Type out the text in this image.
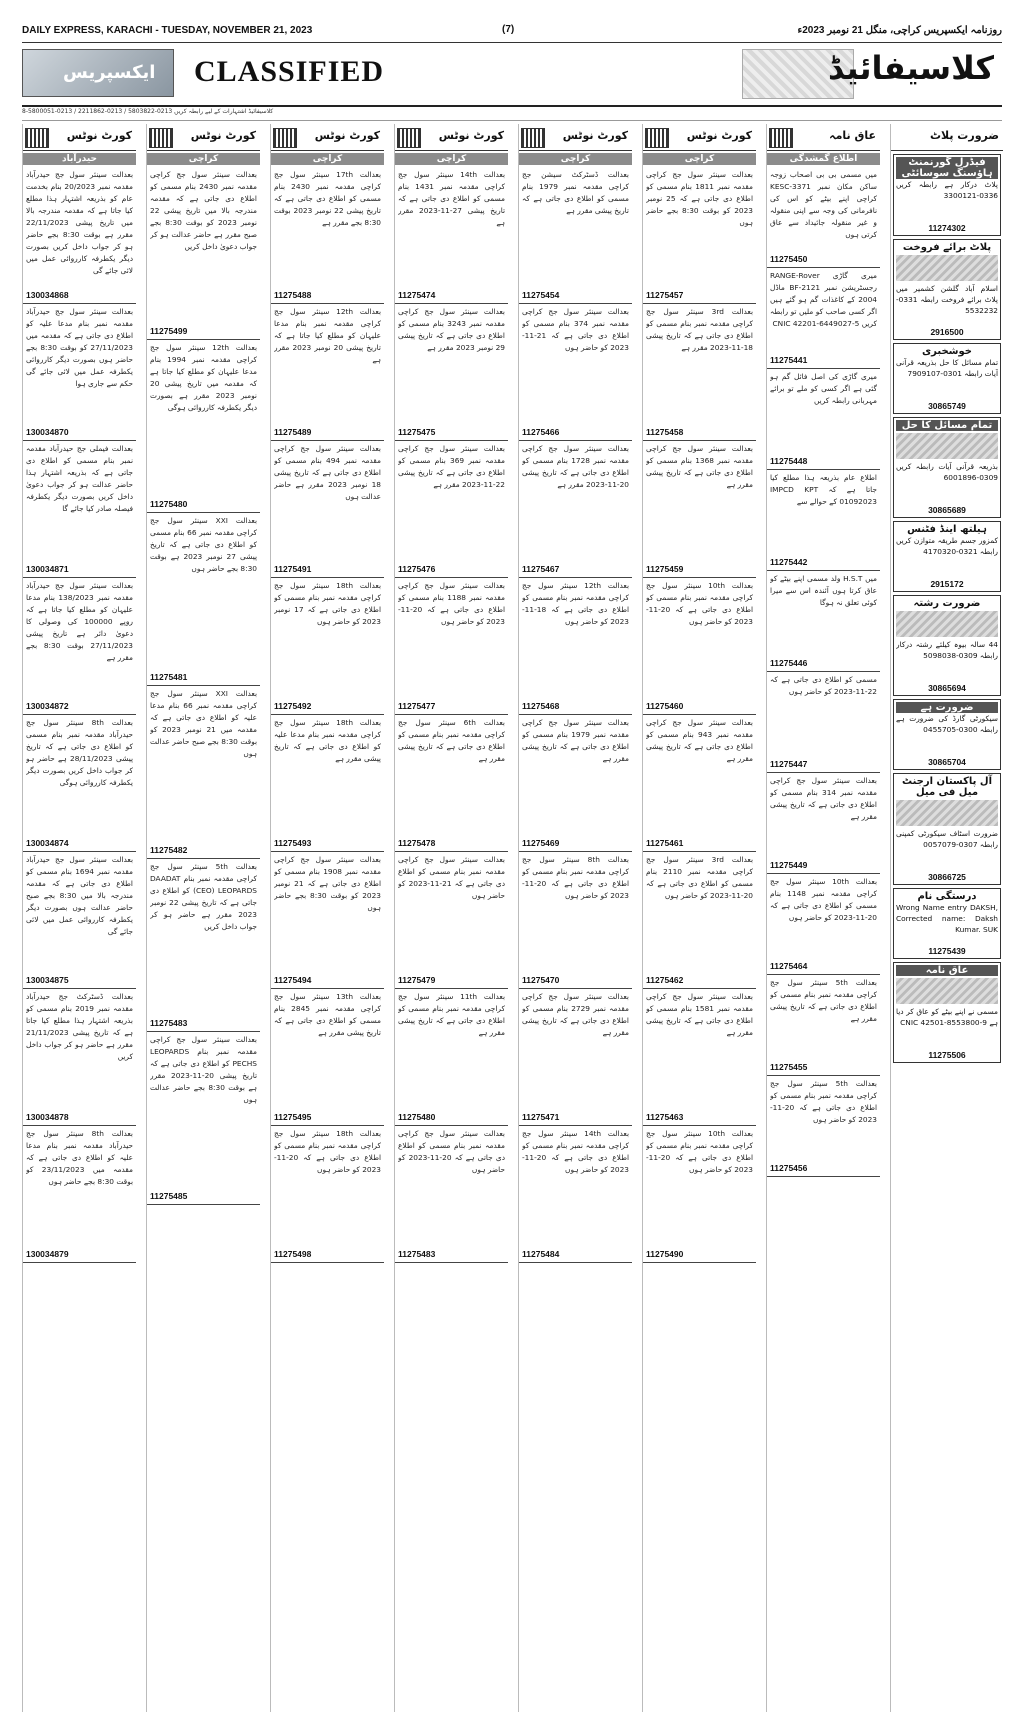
DAILY EXPRESS, KARACHI - TUESDAY, NOVEMBER 21, 2023	(7)	روزنامہ ایکسپریس کراچی، منگل 21 نومبر 2023ء
ایکسپریس CLASSIFIED	کلاسیفائیڈ
کلاسیفائیڈ اشتہارات کے لیے رابطہ کریں 0213-5803822 / 0213-2211862 / 0213-5800051-8
کورٹ نوٹس
حیدرآباد
بعدالت سینئر سول جج حیدرآباد مقدمہ نمبر 20/2023 بنام بخدمت عام کو بذریعہ اشتہار ہذا مطلع کیا جاتا ہے کہ مقدمہ مندرجہ بالا میں تاریخ پیشی 22/11/2023 مقرر ہے بوقت 8:30 بجے حاضر ہو کر جواب داخل کریں بصورت دیگر یکطرفہ کارروائی عمل میں لائی جائے گی
130034868
بعدالت سینئر سول جج حیدرآباد مقدمہ نمبر بنام مدعا علیہ کو اطلاع دی جاتی ہے کہ مقدمہ میں 27/11/2023 کو بوقت 8:30 بجے حاضر ہوں بصورت دیگر کارروائی یکطرفہ عمل میں لائی جائے گی حکم سے جاری ہوا
130034870
بعدالت فیملی جج حیدرآباد مقدمہ نمبر بنام مسمی کو اطلاع دی جاتی ہے کہ بذریعہ اشتہار ہذا حاضر عدالت ہو کر جواب دعویٰ داخل کریں بصورت دیگر یکطرفہ فیصلہ صادر کیا جائے گا
130034871
بعدالت سینئر سول جج حیدرآباد مقدمہ نمبر 138/2023 بنام مدعا علیہان کو مطلع کیا جاتا ہے کہ روپے 100000 کی وصولی کا دعویٰ دائر ہے تاریخ پیشی 27/11/2023 بوقت 8:30 بجے مقرر ہے
130034872
بعدالت 8th سینئر سول جج حیدرآباد مقدمہ نمبر بنام مسمی کو اطلاع دی جاتی ہے کہ تاریخ پیشی 28/11/2023 ہے حاضر ہو کر جواب داخل کریں بصورت دیگر یکطرفہ کارروائی ہوگی
130034874
بعدالت سینئر سول جج حیدرآباد مقدمہ نمبر 1694 بنام مسمی کو اطلاع دی جاتی ہے کہ مقدمہ مندرجہ بالا میں 8:30 بجے صبح حاضر عدالت ہوں بصورت دیگر یکطرفہ کارروائی عمل میں لائی جائے گی
130034875
بعدالت ڈسٹرکٹ جج حیدرآباد مقدمہ نمبر 2019 بنام مسمی کو بذریعہ اشتہار ہذا مطلع کیا جاتا ہے کہ تاریخ پیشی 21/11/2023 مقرر ہے حاضر ہو کر جواب داخل کریں
130034878
بعدالت 8th سینئر سول جج حیدرآباد مقدمہ نمبر بنام مدعا علیہ کو اطلاع دی جاتی ہے کہ مقدمہ میں 23/11/2023 کو بوقت 8:30 بجے حاضر ہوں
130034879
کورٹ نوٹس
کراچی
بعدالت سینئر سول جج کراچی مقدمہ نمبر 2430 بنام مسمی کو اطلاع دی جاتی ہے کہ مقدمہ مندرجہ بالا میں تاریخ پیشی 22 نومبر 2023 کو بوقت 8:30 بجے صبح مقرر ہے حاضر عدالت ہو کر جواب دعویٰ داخل کریں
11275499
بعدالت 12th سینئر سول جج کراچی مقدمہ نمبر 1994 بنام مدعا علیہان کو مطلع کیا جاتا ہے کہ مقدمہ میں تاریخ پیشی 20 نومبر 2023 مقرر ہے بصورت دیگر یکطرفہ کارروائی ہوگی
11275480
بعدالت XXI سینئر سول جج کراچی مقدمہ نمبر 66 بنام مسمی کو اطلاع دی جاتی ہے کہ تاریخ پیشی 27 نومبر 2023 ہے بوقت 8:30 بجے حاضر ہوں
11275481
بعدالت XXI سینئر سول جج کراچی مقدمہ نمبر 66 بنام مدعا علیہ کو اطلاع دی جاتی ہے کہ مقدمہ میں 21 نومبر 2023 کو بوقت 8:30 بجے صبح حاضر عدالت ہوں
11275482
بعدالت 5th سینئر سول جج کراچی مقدمہ نمبر بنام DAADAT (CEO) LEOPARDS کو اطلاع دی جاتی ہے کہ تاریخ پیشی 22 نومبر 2023 مقرر ہے حاضر ہو کر جواب داخل کریں
11275483
بعدالت سینئر سول جج کراچی مقدمہ نمبر بنام LEOPARDS PECHS کو اطلاع دی جاتی ہے کہ تاریخ پیشی 20-11-2023 مقرر ہے بوقت 8:30 بجے حاضر عدالت ہوں
11275485
کورٹ نوٹس
کراچی
بعدالت 17th سینئر سول جج کراچی مقدمہ نمبر 2430 بنام مسمی کو اطلاع دی جاتی ہے کہ تاریخ پیشی 22 نومبر 2023 بوقت 8:30 بجے مقرر ہے
11275488
بعدالت 12th سینئر سول جج کراچی مقدمہ نمبر بنام مدعا علیہان کو مطلع کیا جاتا ہے کہ تاریخ پیشی 20 نومبر 2023 مقرر ہے
11275489
بعدالت سینئر سول جج کراچی مقدمہ نمبر 494 بنام مسمی کو اطلاع دی جاتی ہے کہ تاریخ پیشی 18 نومبر 2023 مقرر ہے حاضر عدالت ہوں
11275491
بعدالت 18th سینئر سول جج کراچی مقدمہ نمبر بنام مسمی کو اطلاع دی جاتی ہے کہ 17 نومبر 2023 کو حاضر ہوں
11275492
بعدالت 18th سینئر سول جج کراچی مقدمہ نمبر بنام مدعا علیہ کو اطلاع دی جاتی ہے کہ تاریخ پیشی مقرر ہے
11275493
بعدالت سینئر سول جج کراچی مقدمہ نمبر 1908 بنام مسمی کو اطلاع دی جاتی ہے کہ 21 نومبر 2023 کو بوقت 8:30 بجے حاضر ہوں
11275494
بعدالت 13th سینئر سول جج کراچی مقدمہ نمبر 2845 بنام مسمی کو اطلاع دی جاتی ہے کہ تاریخ پیشی مقرر ہے
11275495
بعدالت 18th سینئر سول جج کراچی مقدمہ نمبر بنام مسمی کو اطلاع دی جاتی ہے کہ 20-11-2023 کو حاضر ہوں
11275498
کورٹ نوٹس
کراچی
بعدالت 14th سینئر سول جج کراچی مقدمہ نمبر 1431 بنام مسمی کو اطلاع دی جاتی ہے کہ تاریخ پیشی 27-11-2023 مقرر ہے
11275474
بعدالت سینئر سول جج کراچی مقدمہ نمبر 3243 بنام مسمی کو اطلاع دی جاتی ہے کہ تاریخ پیشی 29 نومبر 2023 مقرر ہے
11275475
بعدالت سینئر سول جج کراچی مقدمہ نمبر 369 بنام مسمی کو اطلاع دی جاتی ہے کہ تاریخ پیشی 22-11-2023 مقرر ہے
11275476
بعدالت سینئر سول جج کراچی مقدمہ نمبر 1188 بنام مسمی کو اطلاع دی جاتی ہے کہ 20-11-2023 کو حاضر ہوں
11275477
بعدالت 6th سینئر سول جج کراچی مقدمہ نمبر بنام مسمی کو اطلاع دی جاتی ہے کہ تاریخ پیشی مقرر ہے
11275478
بعدالت سینئر سول جج کراچی مقدمہ نمبر بنام مسمی کو اطلاع دی جاتی ہے کہ 21-11-2023 کو حاضر ہوں
11275479
بعدالت 11th سینئر سول جج کراچی مقدمہ نمبر بنام مسمی کو اطلاع دی جاتی ہے کہ تاریخ پیشی مقرر ہے
11275480
بعدالت سینئر سول جج کراچی مقدمہ نمبر بنام مسمی کو اطلاع دی جاتی ہے کہ 20-11-2023 کو حاضر ہوں
11275483
کورٹ نوٹس
کراچی
بعدالت ڈسٹرکٹ سیشن جج کراچی مقدمہ نمبر 1979 بنام مسمی کو اطلاع دی جاتی ہے کہ تاریخ پیشی مقرر ہے
11275454
بعدالت سینئر سول جج کراچی مقدمہ نمبر 374 بنام مسمی کو اطلاع دی جاتی ہے کہ 21-11-2023 کو حاضر ہوں
11275466
بعدالت سینئر سول جج کراچی مقدمہ نمبر 1728 بنام مسمی کو اطلاع دی جاتی ہے کہ تاریخ پیشی 20-11-2023 مقرر ہے
11275467
بعدالت 12th سینئر سول جج کراچی مقدمہ نمبر بنام مسمی کو اطلاع دی جاتی ہے کہ 18-11-2023 کو حاضر ہوں
11275468
بعدالت سینئر سول جج کراچی مقدمہ نمبر 1979 بنام مسمی کو اطلاع دی جاتی ہے کہ تاریخ پیشی مقرر ہے
11275469
بعدالت 8th سینئر سول جج کراچی مقدمہ نمبر بنام مسمی کو اطلاع دی جاتی ہے کہ 20-11-2023 کو حاضر ہوں
11275470
بعدالت سینئر سول جج کراچی مقدمہ نمبر 2729 بنام مسمی کو اطلاع دی جاتی ہے کہ تاریخ پیشی مقرر ہے
11275471
بعدالت 14th سینئر سول جج کراچی مقدمہ نمبر بنام مسمی کو اطلاع دی جاتی ہے کہ 20-11-2023 کو حاضر ہوں
11275484
کورٹ نوٹس
کراچی
بعدالت سینئر سول جج کراچی مقدمہ نمبر 1811 بنام مسمی کو اطلاع دی جاتی ہے کہ 25 نومبر 2023 کو بوقت 8:30 بجے حاضر ہوں
11275457
بعدالت 3rd سینئر سول جج کراچی مقدمہ نمبر بنام مسمی کو اطلاع دی جاتی ہے کہ تاریخ پیشی 18-11-2023 مقرر ہے
11275458
بعدالت سینئر سول جج کراچی مقدمہ نمبر 1368 بنام مسمی کو اطلاع دی جاتی ہے کہ تاریخ پیشی مقرر ہے
11275459
بعدالت 10th سینئر سول جج کراچی مقدمہ نمبر بنام مسمی کو اطلاع دی جاتی ہے کہ 20-11-2023 کو حاضر ہوں
11275460
بعدالت سینئر سول جج کراچی مقدمہ نمبر 943 بنام مسمی کو اطلاع دی جاتی ہے کہ تاریخ پیشی مقرر ہے
11275461
بعدالت 3rd سینئر سول جج کراچی مقدمہ نمبر 2110 بنام مسمی کو اطلاع دی جاتی ہے کہ 20-11-2023 کو حاضر ہوں
11275462
بعدالت سینئر سول جج کراچی مقدمہ نمبر 1581 بنام مسمی کو اطلاع دی جاتی ہے کہ تاریخ پیشی مقرر ہے
11275463
بعدالت 10th سینئر سول جج کراچی مقدمہ نمبر بنام مسمی کو اطلاع دی جاتی ہے کہ 20-11-2023 کو حاضر ہوں
11275490
عاق نامہ
اطلاع گمشدگی
میں مسمی بی بی اصحاب زوجہ ساکن مکان نمبر KESC-3371 کراچی اپنے بیٹے کو اس کی نافرمانی کی وجہ سے اپنی منقولہ و غیر منقولہ جائیداد سے عاق کرتی ہوں
11275450
میری گاڑی RANGE-Rover رجسٹریشن نمبر BF-2121 ماڈل 2004 کے کاغذات گم ہو گئے ہیں اگر کسی صاحب کو ملیں تو رابطہ کریں CNIC 42201-6449027-5
11275441
میری گاڑی کی اصل فائل گم ہو گئی ہے اگر کسی کو ملے تو برائے مہربانی رابطہ کریں
11275448
اطلاع عام بذریعہ ہذا مطلع کیا جاتا ہے کہ IMPCD KPT 01092023 کے حوالے سے
11275442
میں H.S.T ولد مسمی اپنے بیٹے کو عاق کرتا ہوں آئندہ اس سے میرا کوئی تعلق نہ ہوگا
11275446
مسمی کو اطلاع دی جاتی ہے کہ 22-11-2023 کو حاضر ہوں
11275447
بعدالت سینئر سول جج کراچی مقدمہ نمبر 314 بنام مسمی کو اطلاع دی جاتی ہے کہ تاریخ پیشی مقرر ہے
11275449
بعدالت 10th سینئر سول جج کراچی مقدمہ نمبر 1148 بنام مسمی کو اطلاع دی جاتی ہے کہ 20-11-2023 کو حاضر ہوں
11275464
بعدالت 5th سینئر سول جج کراچی مقدمہ نمبر بنام مسمی کو اطلاع دی جاتی ہے کہ تاریخ پیشی مقرر ہے
11275455
بعدالت 5th سینئر سول جج کراچی مقدمہ نمبر بنام مسمی کو اطلاع دی جاتی ہے کہ 20-11-2023 کو حاضر ہوں
11275456
ضرورت پلاٹ
فیڈرل گورنمنٹ ہاؤسنگ سوسائٹی
پلاٹ درکار ہے رابطہ کریں 0336-3300121
11274302
پلاٹ برائے فروخت
اسلام آباد گلشن کشمیر میں پلاٹ برائے فروخت رابطہ 0331-5532232
2916500
خوشخبری
تمام مسائل کا حل بذریعہ قرآنی آیات رابطہ 0301-7909107
30865749
تمام مسائل کا حل
بذریعہ قرآنی آیات رابطہ کریں 0309-6001896
30865689
ہیلتھ اینڈ فٹنس
کمزور جسم طریقہ متوازن کریں رابطہ 0321-4170320
2915172
ضرورت رشتہ
44 سالہ بیوہ کیلئے رشتہ درکار رابطہ 0309-5098038
30865694
ضرورت ہے
سیکورٹی گارڈ کی ضرورت ہے رابطہ 0300-0455705
30865704
آل پاکستان ارجنٹ میل فی میل
ضرورت اسٹاف سیکورٹی کمپنی رابطہ 0307-0057079
30866725
درستگی نام
Wrong Name entry DAKSH, Corrected name: Daksh Kumar. SUK
11275439
عاق نامہ
مسمی نے اپنے بیٹے کو عاق کر دیا ہے CNIC 42501-8553800-9
11275506
